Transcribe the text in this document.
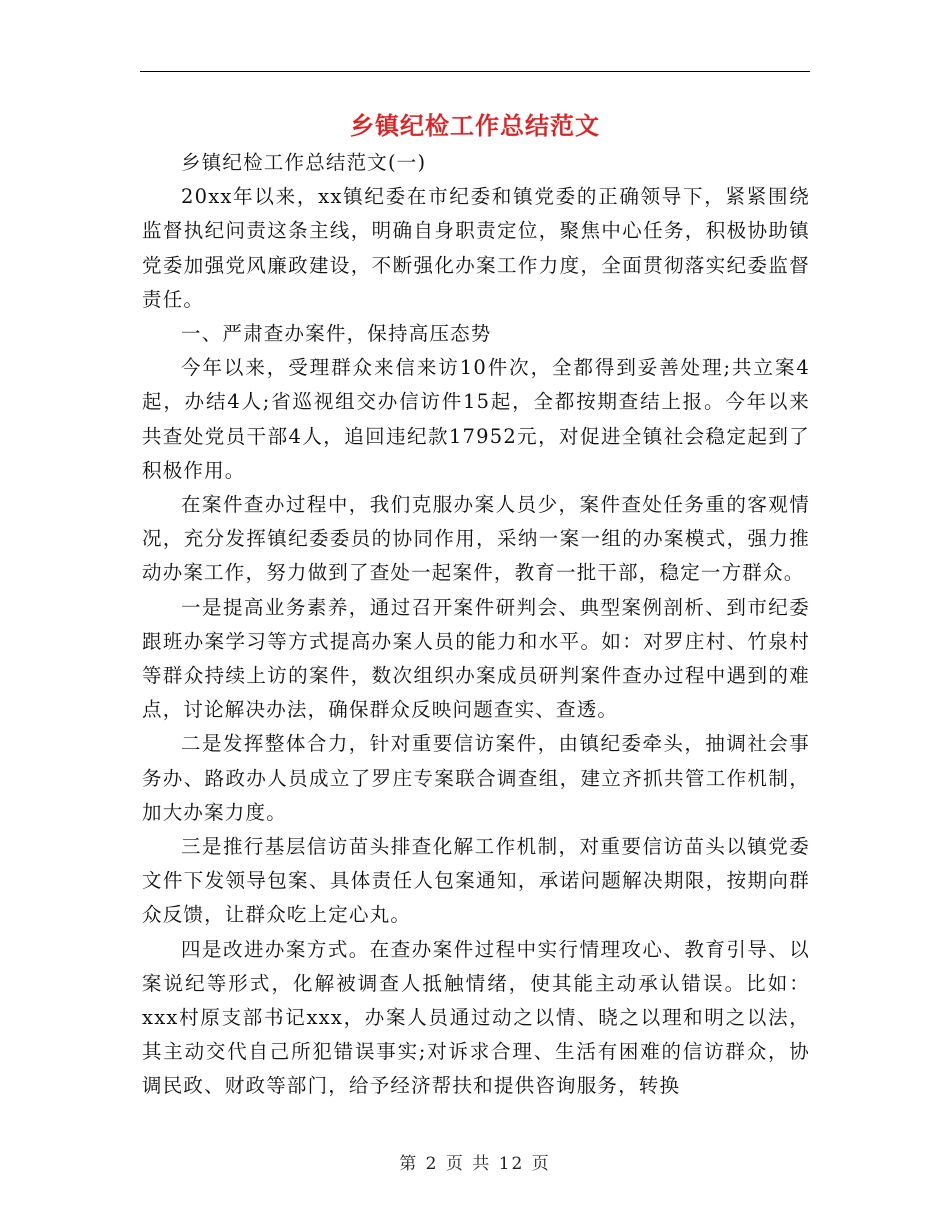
乡镇纪检工作总结范文

乡镇纪检工作总结范文(一)

20xx年以来，xx镇纪委在市纪委和镇党委的正确领导下，紧紧围绕监督执纪问责这条主线，明确自身职责定位，聚焦中心任务，积极协助镇党委加强党风廉政建设，不断强化办案工作力度，全面贯彻落实纪委监督责任。

一、严肃查办案件，保持高压态势

今年以来，受理群众来信来访10件次，全都得到妥善处理;共立案4起，办结4人;省巡视组交办信访件15起，全都按期查结上报。今年以来共查处党员干部4人，追回违纪款17952元，对促进全镇社会稳定起到了积极作用。

在案件查办过程中，我们克服办案人员少，案件查处任务重的客观情况，充分发挥镇纪委委员的协同作用，采纳一案一组的办案模式，强力推动办案工作，努力做到了查处一起案件，教育一批干部，稳定一方群众。

一是提高业务素养，通过召开案件研判会、典型案例剖析、到市纪委跟班办案学习等方式提高办案人员的能力和水平。如：对罗庄村、竹泉村等群众持续上访的案件，数次组织办案成员研判案件查办过程中遇到的难点，讨论解决办法，确保群众反映问题查实、查透。

二是发挥整体合力，针对重要信访案件，由镇纪委牵头，抽调社会事务办、路政办人员成立了罗庄专案联合调查组，建立齐抓共管工作机制，加大办案力度。

三是推行基层信访苗头排查化解工作机制，对重要信访苗头以镇党委文件下发领导包案、具体责任人包案通知，承诺问题解决期限，按期向群众反馈，让群众吃上定心丸。

四是改进办案方式。在查办案件过程中实行情理攻心、教育引导、以案说纪等形式，化解被调查人抵触情绪，使其能主动承认错误。比如：xxx村原支部书记xxx，办案人员通过动之以情、晓之以理和明之以法，其主动交代自己所犯错误事实;对诉求合理、生活有困难的信访群众，协调民政、财政等部门，给予经济帮扶和提供咨询服务，转换

第 2 页 共 12 页
